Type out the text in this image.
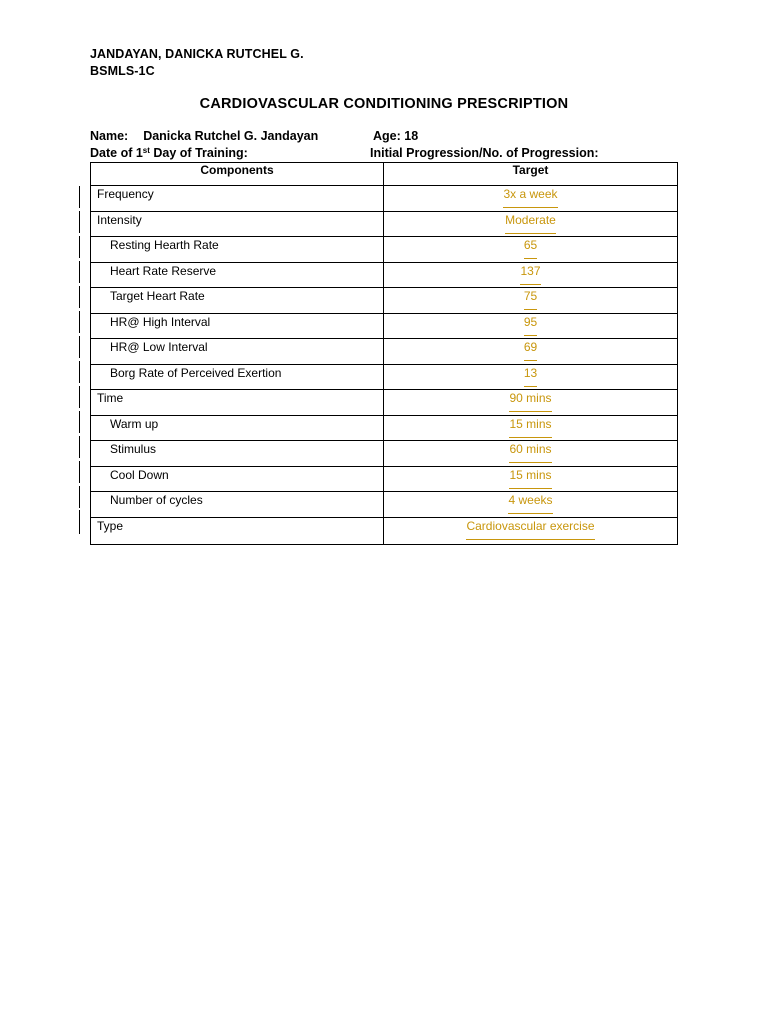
JANDAYAN, DANICKA RUTCHEL G.
BSMLS-1C
CARDIOVASCULAR CONDITIONING PRESCRIPTION
Name: Danicka Rutchel G. Jandayan	Age: 18
Date of 1st Day of Training:	Initial Progression/No. of Progression:
Components	Target
Frequency	3x a week
Intensity	Moderate
Resting Hearth Rate	65
Heart Rate Reserve	137
Target Heart Rate	75
HR@ High Interval	95
HR@ Low Interval	69
Borg Rate of Perceived Exertion	13
Time	90 mins
Warm up	15 mins
Stimulus	60 mins
Cool Down	15 mins
Number of cycles	4 weeks
Type	Cardiovascular exercise
